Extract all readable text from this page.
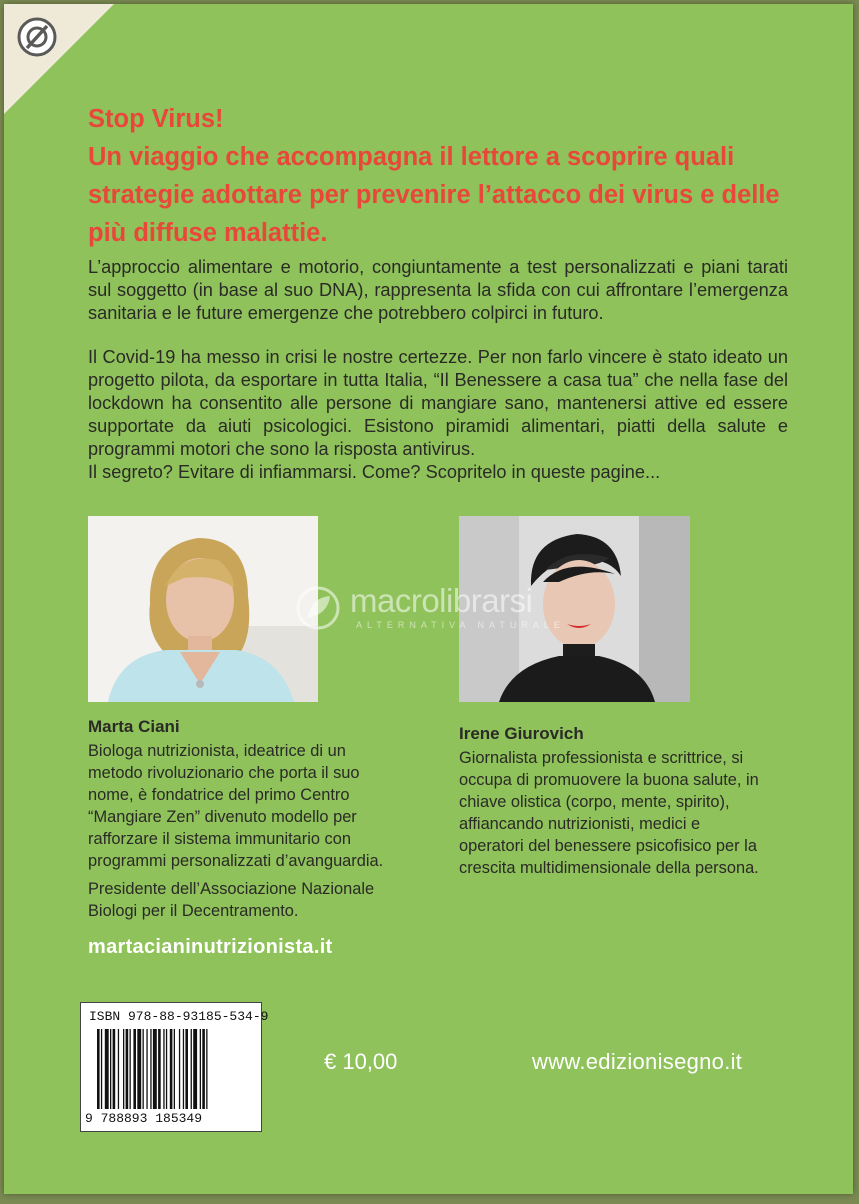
Stop Virus!
Un viaggio che accompagna il lettore a scoprire quali
strategie adottare per prevenire l’attacco dei virus e delle
più diffuse malattie.
L’approccio alimentare e motorio, congiuntamente a test personalizzati e piani tarati sul soggetto (in base al suo DNA), rappresenta la sfida con cui affrontare l’emergenza sanitaria e le future emergenze che potrebbero colpirci in futuro.
Il Covid-19 ha messo in crisi le nostre certezze. Per non farlo vincere è stato ideato un progetto pilota, da esportare in tutta Italia, “Il Benessere a casa tua” che nella fase del lockdown ha consentito alle persone di mangiare sano, mantenersi attive ed essere supportate da aiuti psicologici. Esistono piramidi alimentari, piatti della salute e programmi motori che sono la risposta antivirus.
Il segreto? Evitare di infiammarsi. Come? Scopritelo in queste pagine...
macrolibrarsi
ALTERNATIVA NATURALE
Marta Ciani
Biologa nutrizionista, ideatrice di un metodo rivoluzionario che porta il suo nome, è fondatrice del primo Centro “Mangiare Zen” divenuto modello per rafforzare il sistema immunitario con programmi personalizzati d’avanguardia.
Presidente dell’Associazione Nazionale Biologi per il Decentramento.
martacianinutrizionista.it
Irene Giurovich
Giornalista professionista e scrittrice, si occupa di promuovere la buona salute, in chiave olistica (corpo, mente, spirito), affiancando nutrizionisti, medici e operatori del benessere psicofisico per la crescita multidimensionale della persona.
ISBN 978-88-93185-534-9
9 788893 185349
€ 10,00	www.edizionisegno.it
